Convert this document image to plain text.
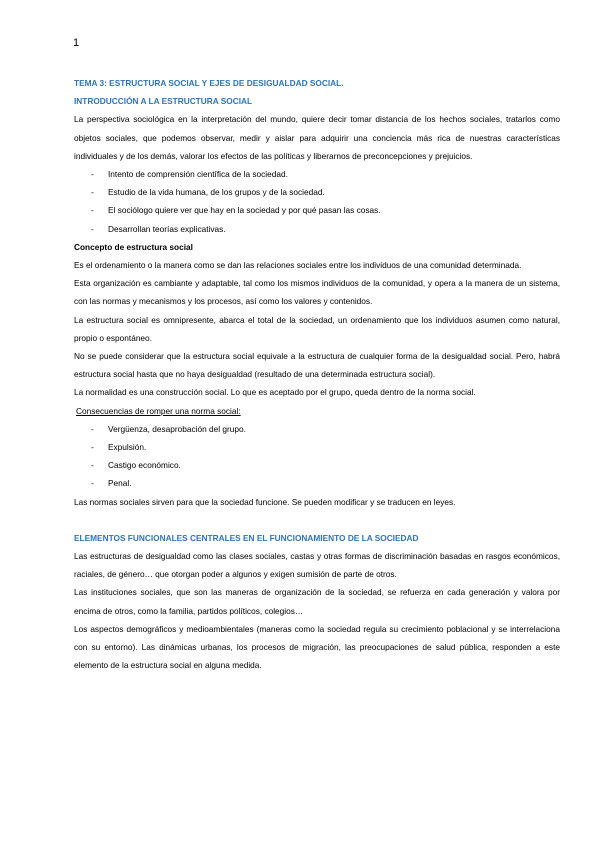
1
TEMA 3: ESTRUCTURA SOCIAL Y EJES DE DESIGUALDAD SOCIAL.
INTRODUCCIÓN A LA ESTRUCTURA SOCIAL

La perspectiva sociológica en la interpretación del mundo, quiere decir tomar distancia de los hechos sociales, tratarlos como objetos sociales, que podemos observar, medir y aislar para adquirir una conciencia más rica de nuestras características individuales y de los demás, valorar los efectos de las políticas y liberarnos de preconcepciones y prejuicios.

- Intento de comprensión científica de la sociedad.
- Estudio de la vida humana, de los grupos y de la sociedad.
- El sociólogo quiere ver que hay en la sociedad y por qué pasan las cosas.
- Desarrollan teorías explicativas.
Concepto de estructura social

Es el ordenamiento o la manera como se dan las relaciones sociales entre los individuos de una comunidad determinada.

Esta organización es cambiante y adaptable, tal como los mismos individuos de la comunidad, y opera a la manera de un sistema, con las normas y mecanismos y los procesos, así como los valores y contenidos.

La estructura social es omnipresente, abarca el total de la sociedad, un ordenamiento que los individuos asumen como natural, propio o espontáneo.

No se puede considerar que la estructura social equivale a la estructura de cualquier forma de la desigualdad social. Pero, habrá estructura social hasta que no haya desigualdad (resultado de una determinada estructura social).

La normalidad es una construcción social. Lo que es aceptado por el grupo, queda dentro de la norma social.

Consecuencias de romper una norma social:
- Vergüenza, desaprobación del grupo.
- Expulsión.
- Castigo económico.
- Penal.

Las normas sociales sirven para que la sociedad funcione. Se pueden modificar y se traducen en leyes.

ELEMENTOS FUNCIONALES CENTRALES EN EL FUNCIONAMIENTO DE LA SOCIEDAD

Las estructuras de desigualdad como las clases sociales, castas y otras formas de discriminación basadas en rasgos económicos, raciales, de género… que otorgan poder a algunos y exigen sumisión de parte de otros.

Las instituciones sociales, que son las maneras de organización de la sociedad, se refuerza en cada generación y valora por encima de otros, como la familia, partidos políticos, colegios…

Los aspectos demográficos y medioambientales (maneras como la sociedad regula su crecimiento poblacional y se interrelaciona con su entorno). Las dinámicas urbanas, los procesos de migración, las preocupaciones de salud pública, responden a este elemento de la estructura social en alguna medida.
